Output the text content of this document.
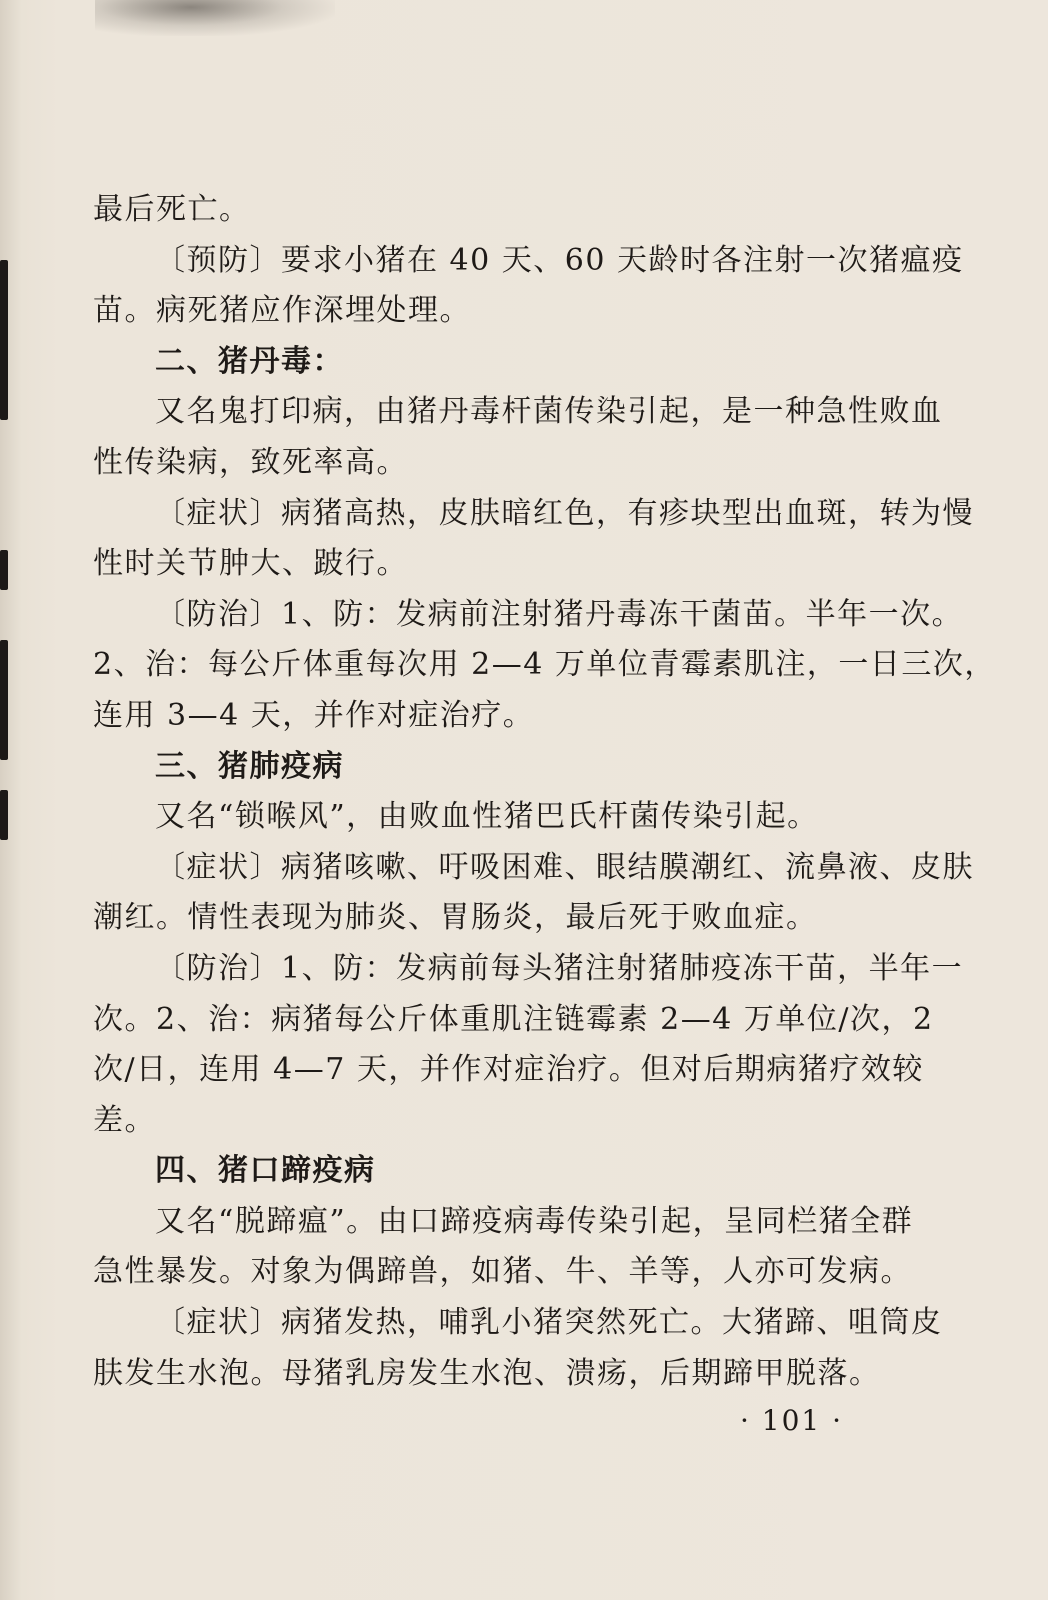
最后死亡。
〔预防〕要求小猪在 40 天、60 天龄时各注射一次猪瘟疫
苗。病死猪应作深埋处理。
二、猪丹毒：
又名鬼打印病，由猪丹毒杆菌传染引起，是一种急性败血
性传染病，致死率高。
〔症状〕病猪高热，皮肤暗红色，有疹块型出血斑，转为慢
性时关节肿大、跛行。
〔防治〕1、防：发病前注射猪丹毒冻干菌苗。半年一次。
2、治：每公斤体重每次用 2—4 万单位青霉素肌注，一日三次，
连用 3—4 天，并作对症治疗。
三、猪肺疫病
又名“锁喉风”，由败血性猪巴氏杆菌传染引起。
〔症状〕病猪咳嗽、吁吸困难、眼结膜潮红、流鼻液、皮肤
潮红。情性表现为肺炎、胃肠炎，最后死于败血症。
〔防治〕1、防：发病前每头猪注射猪肺疫冻干苗，半年一
次。2、治：病猪每公斤体重肌注链霉素 2—4 万单位/次，2
次/日，连用 4—7 天，并作对症治疗。但对后期病猪疗效较
差。
四、猪口蹄疫病
又名“脱蹄瘟”。由口蹄疫病毒传染引起，呈同栏猪全群
急性暴发。对象为偶蹄兽，如猪、牛、羊等，人亦可发病。
〔症状〕病猪发热，哺乳小猪突然死亡。大猪蹄、咀筒皮
肤发生水泡。母猪乳房发生水泡、溃疡，后期蹄甲脱落。
· 101 ·
